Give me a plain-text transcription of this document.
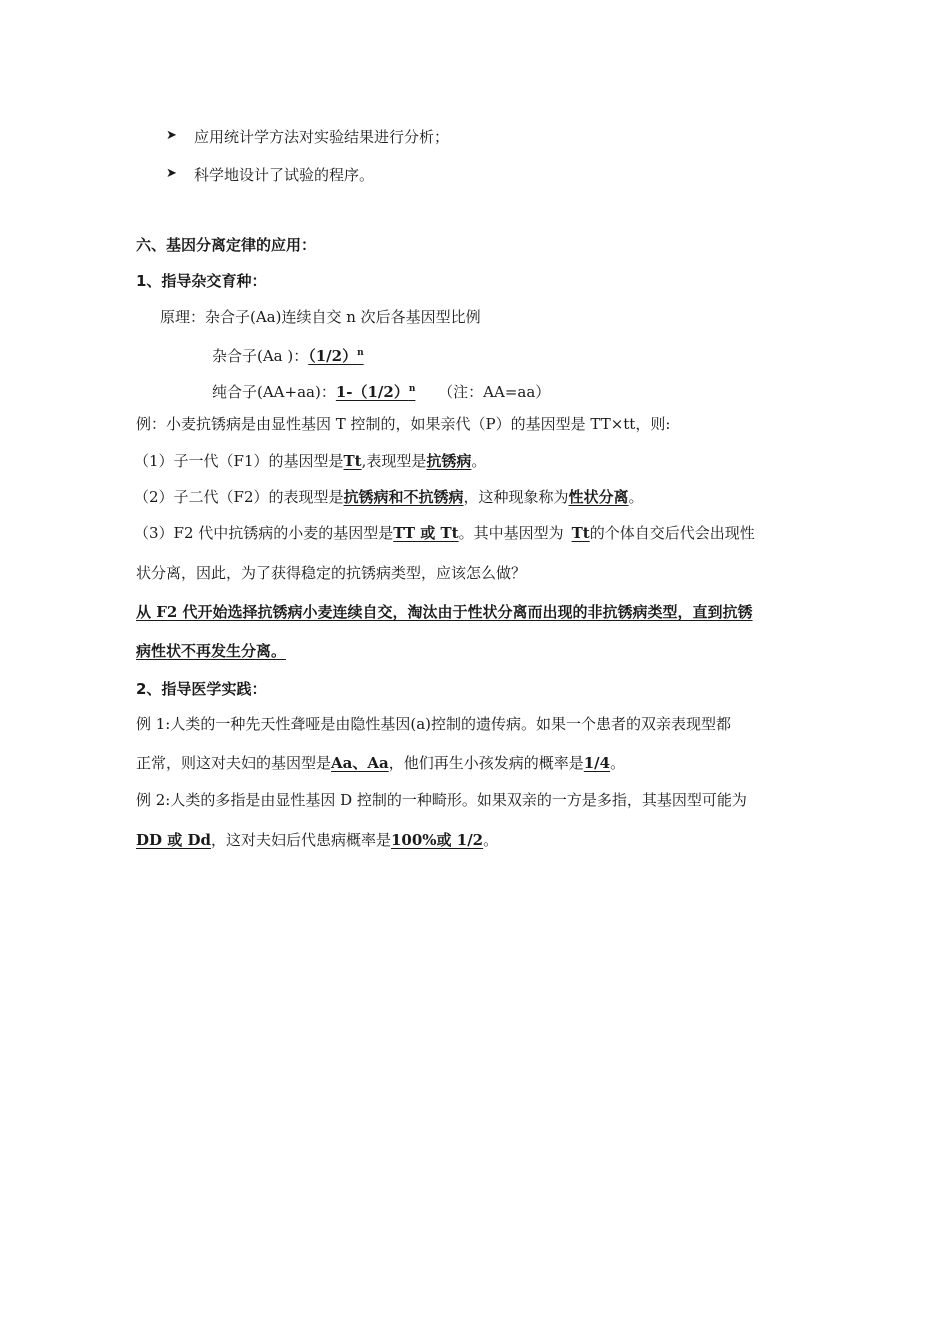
➤ 应用统计学方法对实验结果进行分析；
➤ 科学地设计了试验的程序。
六、基因分离定律的应用：
1、指导杂交育种：
原理：杂合子(Aa)连续自交 n 次后各基因型比例
杂合子(Aa )：$(1/2)^n$
纯合子(AA+aa)：$1-(1/2)^n$ （注：AA=aa）
例：小麦抗锈病是由显性基因 T 控制的，如果亲代（P）的基因型是 TT×tt，则:
（1）子一代（F1）的基因型是Tt,表现型是抗锈病。
（2）子二代（F2）的表现型是抗锈病和不抗锈病，这种现象称为性状分离。
（3）F2 代中抗锈病的小麦的基因型是TT 或 Tt。其中基因型为 Tt的个体自交后代会出现性
状分离，因此，为了获得稳定的抗锈病类型，应该怎么做？
从 F2 代开始选择抗锈病小麦连续自交，淘汰由于性状分离而出现的非抗锈病类型，直到抗锈
病性状不再发生分离。
2、指导医学实践：
例 1:人类的一种先天性聋哑是由隐性基因(a)控制的遗传病。如果一个患者的双亲表现型都
正常，则这对夫妇的基因型是Aa、Aa，他们再生小孩发病的概率是1/4。
例 2:人类的多指是由显性基因 D 控制的一种畸形。如果双亲的一方是多指，其基因型可能为
DD 或 Dd，这对夫妇后代患病概率是100%或 1/2。
